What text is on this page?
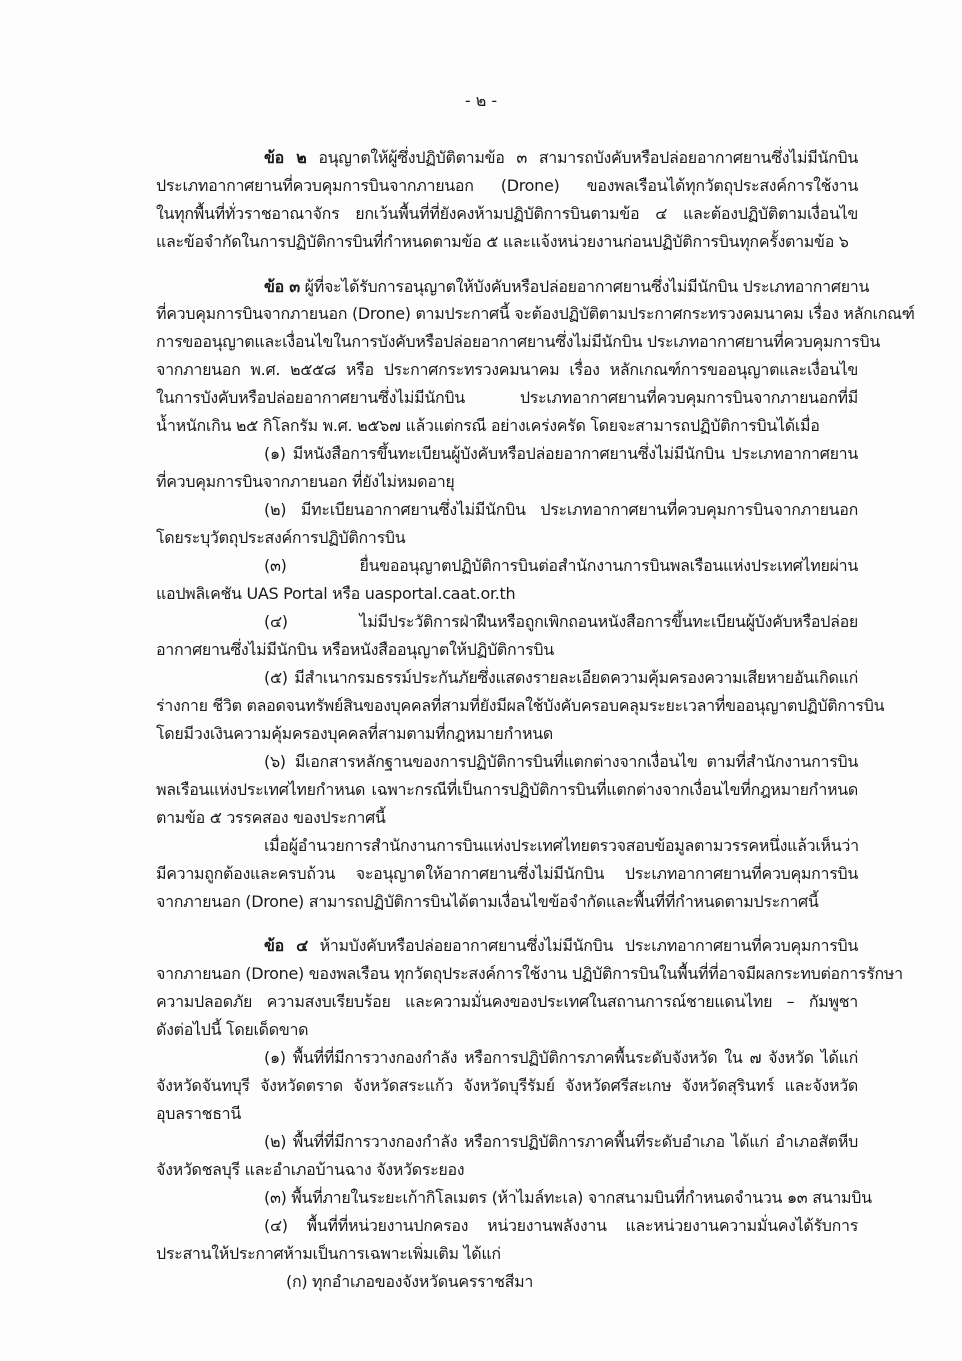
- ๒ -
ข้อ ๒ อนุญาตให้ผู้ซึ่งปฏิบัติตามข้อ ๓ สามารถบังคับหรือปล่อยอากาศยานซึ่งไม่มีนักบิน
ประเภทอากาศยานที่ควบคุมการบินจากภายนอก (Drone) ของพลเรือนได้ทุกวัตถุประสงค์การใช้งาน
ในทุกพื้นที่ทั่วราชอาณาจักร ยกเว้นพื้นที่ที่ยังคงห้ามปฏิบัติการบินตามข้อ ๔ และต้องปฏิบัติตามเงื่อนไข
และข้อจำกัดในการปฏิบัติการบินที่กำหนดตามข้อ ๕ และแจ้งหน่วยงานก่อนปฏิบัติการบินทุกครั้งตามข้อ ๖
ข้อ ๓ ผู้ที่จะได้รับการอนุญาตให้บังคับหรือปล่อยอากาศยานซึ่งไม่มีนักบิน ประเภทอากาศยาน
ที่ควบคุมการบินจากภายนอก (Drone) ตามประกาศนี้ จะต้องปฏิบัติตามประกาศกระทรวงคมนาคม เรื่อง หลักเกณฑ์
การขออนุญาตและเงื่อนไขในการบังคับหรือปล่อยอากาศยานซึ่งไม่มีนักบิน ประเภทอากาศยานที่ควบคุมการบิน
จากภายนอก พ.ศ. ๒๕๕๘ หรือ ประกาศกระทรวงคมนาคม เรื่อง หลักเกณฑ์การขออนุญาตและเงื่อนไข
ในการบังคับหรือปล่อยอากาศยานซึ่งไม่มีนักบิน ประเภทอากาศยานที่ควบคุมการบินจากภายนอกที่มี
น้ำหนักเกิน ๒๕ กิโลกรัม พ.ศ. ๒๕๖๗ แล้วแต่กรณี อย่างเคร่งครัด โดยจะสามารถปฏิบัติการบินได้เมื่อ
(๑) มีหนังสือการขึ้นทะเบียนผู้บังคับหรือปล่อยอากาศยานซึ่งไม่มีนักบิน ประเภทอากาศยาน
ที่ควบคุมการบินจากภายนอก ที่ยังไม่หมดอายุ
(๒) มีทะเบียนอากาศยานซึ่งไม่มีนักบิน ประเภทอากาศยานที่ควบคุมการบินจากภายนอก
โดยระบุวัตถุประสงค์การปฏิบัติการบิน
(๓) ยื่นขออนุญาตปฏิบัติการบินต่อสำนักงานการบินพลเรือนแห่งประเทศไทยผ่าน
แอปพลิเคชัน UAS Portal หรือ uasportal.caat.or.th
(๔) ไม่มีประวัติการฝ่าฝืนหรือถูกเพิกถอนหนังสือการขึ้นทะเบียนผู้บังคับหรือปล่อย
อากาศยานซึ่งไม่มีนักบิน หรือหนังสืออนุญาตให้ปฏิบัติการบิน
(๕) มีสำเนากรมธรรม์ประกันภัยซึ่งแสดงรายละเอียดความคุ้มครองความเสียหายอันเกิดแก่
ร่างกาย ชีวิต ตลอดจนทรัพย์สินของบุคคลที่สามที่ยังมีผลใช้บังคับครอบคลุมระยะเวลาที่ขออนุญาตปฏิบัติการบิน
โดยมีวงเงินความคุ้มครองบุคคลที่สามตามที่กฎหมายกำหนด
(๖) มีเอกสารหลักฐานของการปฏิบัติการบินที่แตกต่างจากเงื่อนไข ตามที่สำนักงานการบิน
พลเรือนแห่งประเทศไทยกำหนด เฉพาะกรณีที่เป็นการปฏิบัติการบินที่แตกต่างจากเงื่อนไขที่กฎหมายกำหนด
ตามข้อ ๕ วรรคสอง ของประกาศนี้
เมื่อผู้อำนวยการสำนักงานการบินแห่งประเทศไทยตรวจสอบข้อมูลตามวรรคหนึ่งแล้วเห็นว่า
มีความถูกต้องและครบถ้วน จะอนุญาตให้อากาศยานซึ่งไม่มีนักบิน ประเภทอากาศยานที่ควบคุมการบิน
จากภายนอก (Drone) สามารถปฏิบัติการบินได้ตามเงื่อนไขข้อจำกัดและพื้นที่ที่กำหนดตามประกาศนี้
ข้อ ๔ ห้ามบังคับหรือปล่อยอากาศยานซึ่งไม่มีนักบิน ประเภทอากาศยานที่ควบคุมการบิน
จากภายนอก (Drone) ของพลเรือน ทุกวัตถุประสงค์การใช้งาน ปฏิบัติการบินในพื้นที่ที่อาจมีผลกระทบต่อการรักษา
ความปลอดภัย ความสงบเรียบร้อย และความมั่นคงของประเทศในสถานการณ์ชายแดนไทย – กัมพูชา
ดังต่อไปนี้ โดยเด็ดขาด
(๑) พื้นที่ที่มีการวางกองกำลัง หรือการปฏิบัติการภาคพื้นระดับจังหวัด ใน ๗ จังหวัด ได้แก่
จังหวัดจันทบุรี จังหวัดตราด จังหวัดสระแก้ว จังหวัดบุรีรัมย์ จังหวัดศรีสะเกษ จังหวัดสุรินทร์ และจังหวัด
อุบลราชธานี
(๒) พื้นที่ที่มีการวางกองกำลัง หรือการปฏิบัติการภาคพื้นที่ระดับอำเภอ ได้แก่ อำเภอสัตหีบ
จังหวัดชลบุรี และอำเภอบ้านฉาง จังหวัดระยอง
(๓) พื้นที่ภายในระยะเก้ากิโลเมตร (ห้าไมล์ทะเล) จากสนามบินที่กำหนดจำนวน ๑๓ สนามบิน
(๔) พื้นที่ที่หน่วยงานปกครอง หน่วยงานพลังงาน และหน่วยงานความมั่นคงได้รับการ
ประสานให้ประกาศห้ามเป็นการเฉพาะเพิ่มเติม ได้แก่
(ก) ทุกอำเภอของจังหวัดนครราชสีมา
